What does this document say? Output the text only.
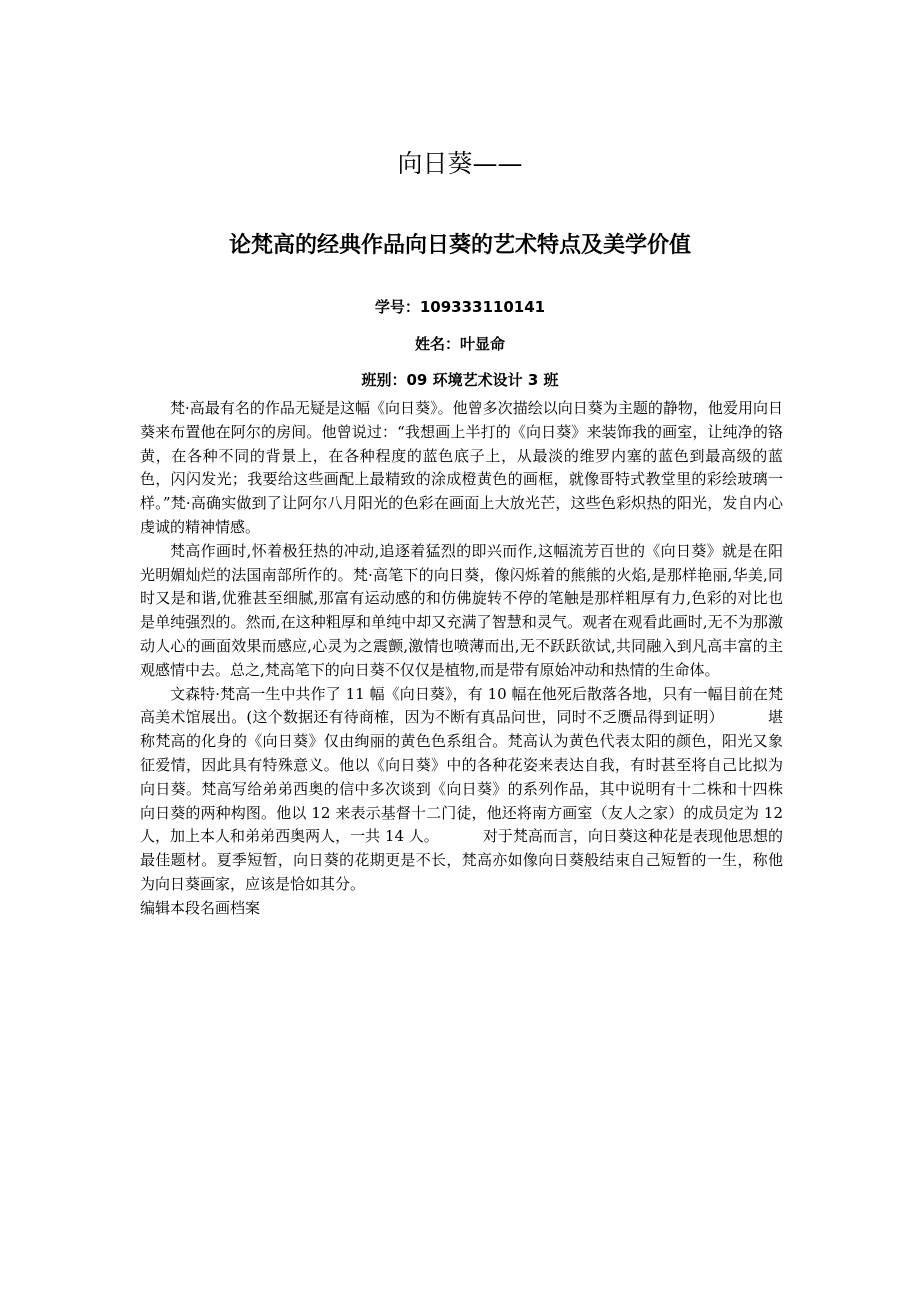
向日葵——
论梵高的经典作品向日葵的艺术特点及美学价值

学号：109333110141

姓名：叶显命

班别：09 环境艺术设计 3 班

梵·高最有名的作品无疑是这幅《向日葵》。他曾多次描绘以向日葵为主题的静物，他爱用向日葵来布置他在阿尔的房间。他曾说过：“我想画上半打的《向日葵》来装饰我的画室，让纯净的铬黄，在各种不同的背景上，在各种程度的蓝色底子上，从最淡的维罗内塞的蓝色到最高级的蓝色，闪闪发光；我要给这些画配上最精致的涂成橙黄色的画框，就像哥特式教堂里的彩绘玻璃一样。”梵·高确实做到了让阿尔八月阳光的色彩在画面上大放光芒，这些色彩炽热的阳光，发自内心虔诚的精神情感。

梵高作画时,怀着极狂热的冲动,追逐着猛烈的即兴而作,这幅流芳百世的《向日葵》就是在阳光明媚灿烂的法国南部所作的。梵·高笔下的向日葵，像闪烁着的熊熊的火焰,是那样艳丽,华美,同时又是和谐,优雅甚至细腻,那富有运动感的和仿佛旋转不停的笔触是那样粗厚有力,色彩的对比也是单纯强烈的。然而,在这种粗厚和单纯中却又充满了智慧和灵气。观者在观看此画时,无不为那激动人心的画面效果而感应,心灵为之震颤,激情也喷薄而出,无不跃跃欲试,共同融入到凡高丰富的主观感情中去。总之,梵高笔下的向日葵不仅仅是植物,而是带有原始冲动和热情的生命体。

文森特·梵高一生中共作了 11 幅《向日葵》，有 10 幅在他死后散落各地，只有一幅目前在梵高美术馆展出。(这个数据还有待商榷，因为不断有真品问世，同时不乏赝品得到证明）	堪称梵高的化身的《向日葵》仅由绚丽的黄色色系组合。梵高认为黄色代表太阳的颜色，阳光又象征爱情，因此具有特殊意义。他以《向日葵》中的各种花姿来表达自我，有时甚至将自己比拟为向日葵。梵高写给弟弟西奥的信中多次谈到《向日葵》的系列作品，其中说明有十二株和十四株向日葵的两种构图。他以 12 来表示基督十二门徒，他还将南方画室（友人之家）的成员定为 12 人，加上本人和弟弟西奥两人，一共 14 人。	对于梵高而言，向日葵这种花是表现他思想的最佳题材。夏季短暂，向日葵的花期更是不长，梵高亦如像向日葵般结束自己短暂的一生，称他为向日葵画家，应该是恰如其分。

编辑本段名画档案
